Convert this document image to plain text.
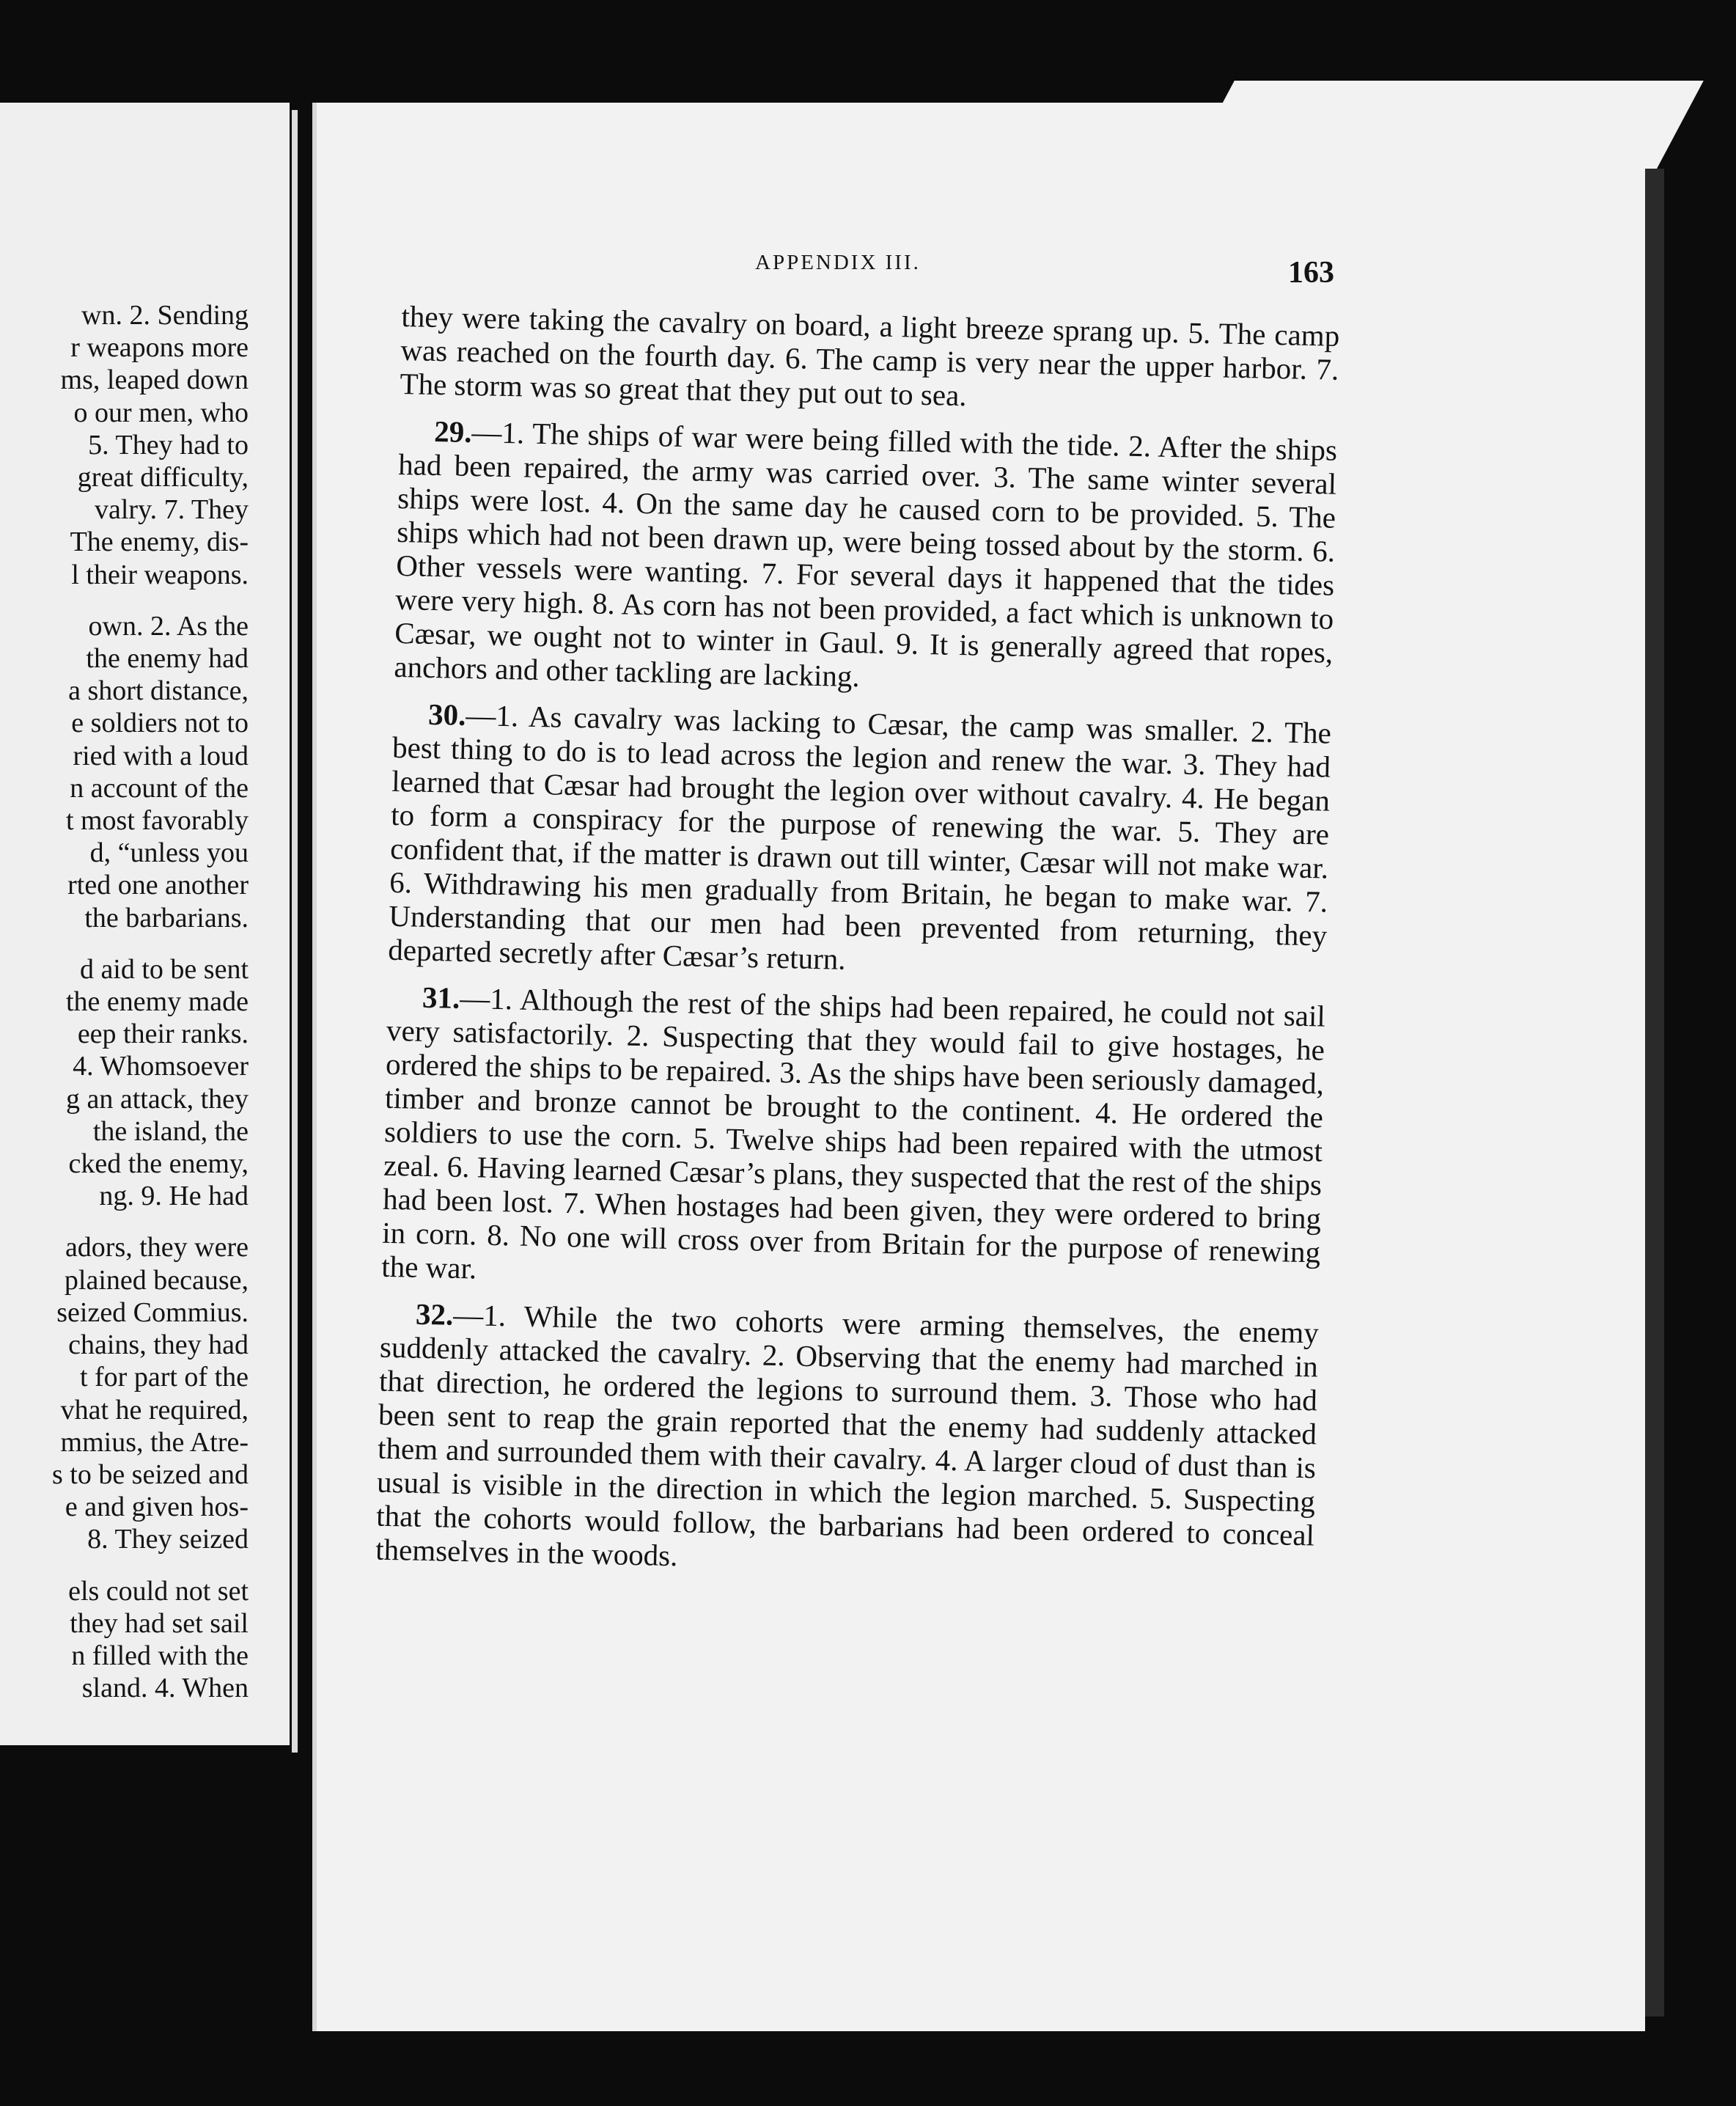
wn. 2. Sending
r weapons more
ms, leaped down
o our men, who
5. They had to
great difficulty,
valry. 7. They
The enemy, dis-
l their weapons.
own. 2. As the
the enemy had
a short distance,
e soldiers not to
ried with a loud
n account of the
t most favorably
d, “unless you
rted one another
the barbarians.
d aid to be sent
the enemy made
eep their ranks.
4. Whomsoever
g an attack, they
the island, the
cked the enemy,
ng. 9. He had
adors, they were
plained because,
seized Commius.
chains, they had
t for part of the
vhat he required,
mmius, the Atre-
s to be seized and
e and given hos-
8. They seized
els could not set
they had set sail
n filled with the
sland. 4. When
APPENDIX III.	163

they were taking the cavalry on board, a light breeze sprang up. 5. The camp was reached on the fourth day. 6. The camp is very near the upper harbor. 7. The storm was so great that they put out to sea.

29.—1. The ships of war were being filled with the tide. 2. After the ships had been repaired, the army was carried over. 3. The same winter several ships were lost. 4. On the same day he caused corn to be provided. 5. The ships which had not been drawn up, were being tossed about by the storm. 6. Other vessels were wanting. 7. For several days it happened that the tides were very high. 8. As corn has not been provided, a fact which is unknown to Cæsar, we ought not to winter in Gaul. 9. It is generally agreed that ropes, anchors and other tackling are lacking.

30.—1. As cavalry was lacking to Cæsar, the camp was smaller. 2. The best thing to do is to lead across the legion and renew the war. 3. They had learned that Cæsar had brought the legion over without cavalry. 4. He began to form a conspiracy for the purpose of renewing the war. 5. They are confident that, if the matter is drawn out till winter, Cæsar will not make war. 6. Withdrawing his men gradually from Britain, he began to make war. 7. Understanding that our men had been prevented from returning, they departed secretly after Cæsar’s return.

31.—1. Although the rest of the ships had been repaired, he could not sail very satisfactorily. 2. Suspecting that they would fail to give hostages, he ordered the ships to be repaired. 3. As the ships have been seriously damaged, timber and bronze cannot be brought to the continent. 4. He ordered the soldiers to use the corn. 5. Twelve ships had been repaired with the utmost zeal. 6. Having learned Cæsar’s plans, they suspected that the rest of the ships had been lost. 7. When hostages had been given, they were ordered to bring in corn. 8. No one will cross over from Britain for the purpose of renewing the war.

32.—1. While the two cohorts were arming themselves, the enemy suddenly attacked the cavalry. 2. Observing that the enemy had marched in that direction, he ordered the legions to surround them. 3. Those who had been sent to reap the grain reported that the enemy had suddenly attacked them and surrounded them with their cavalry. 4. A larger cloud of dust than is usual is visible in the direction in which the legion marched. 5. Suspecting that the cohorts would follow, the barbarians had been ordered to conceal themselves in the woods.
